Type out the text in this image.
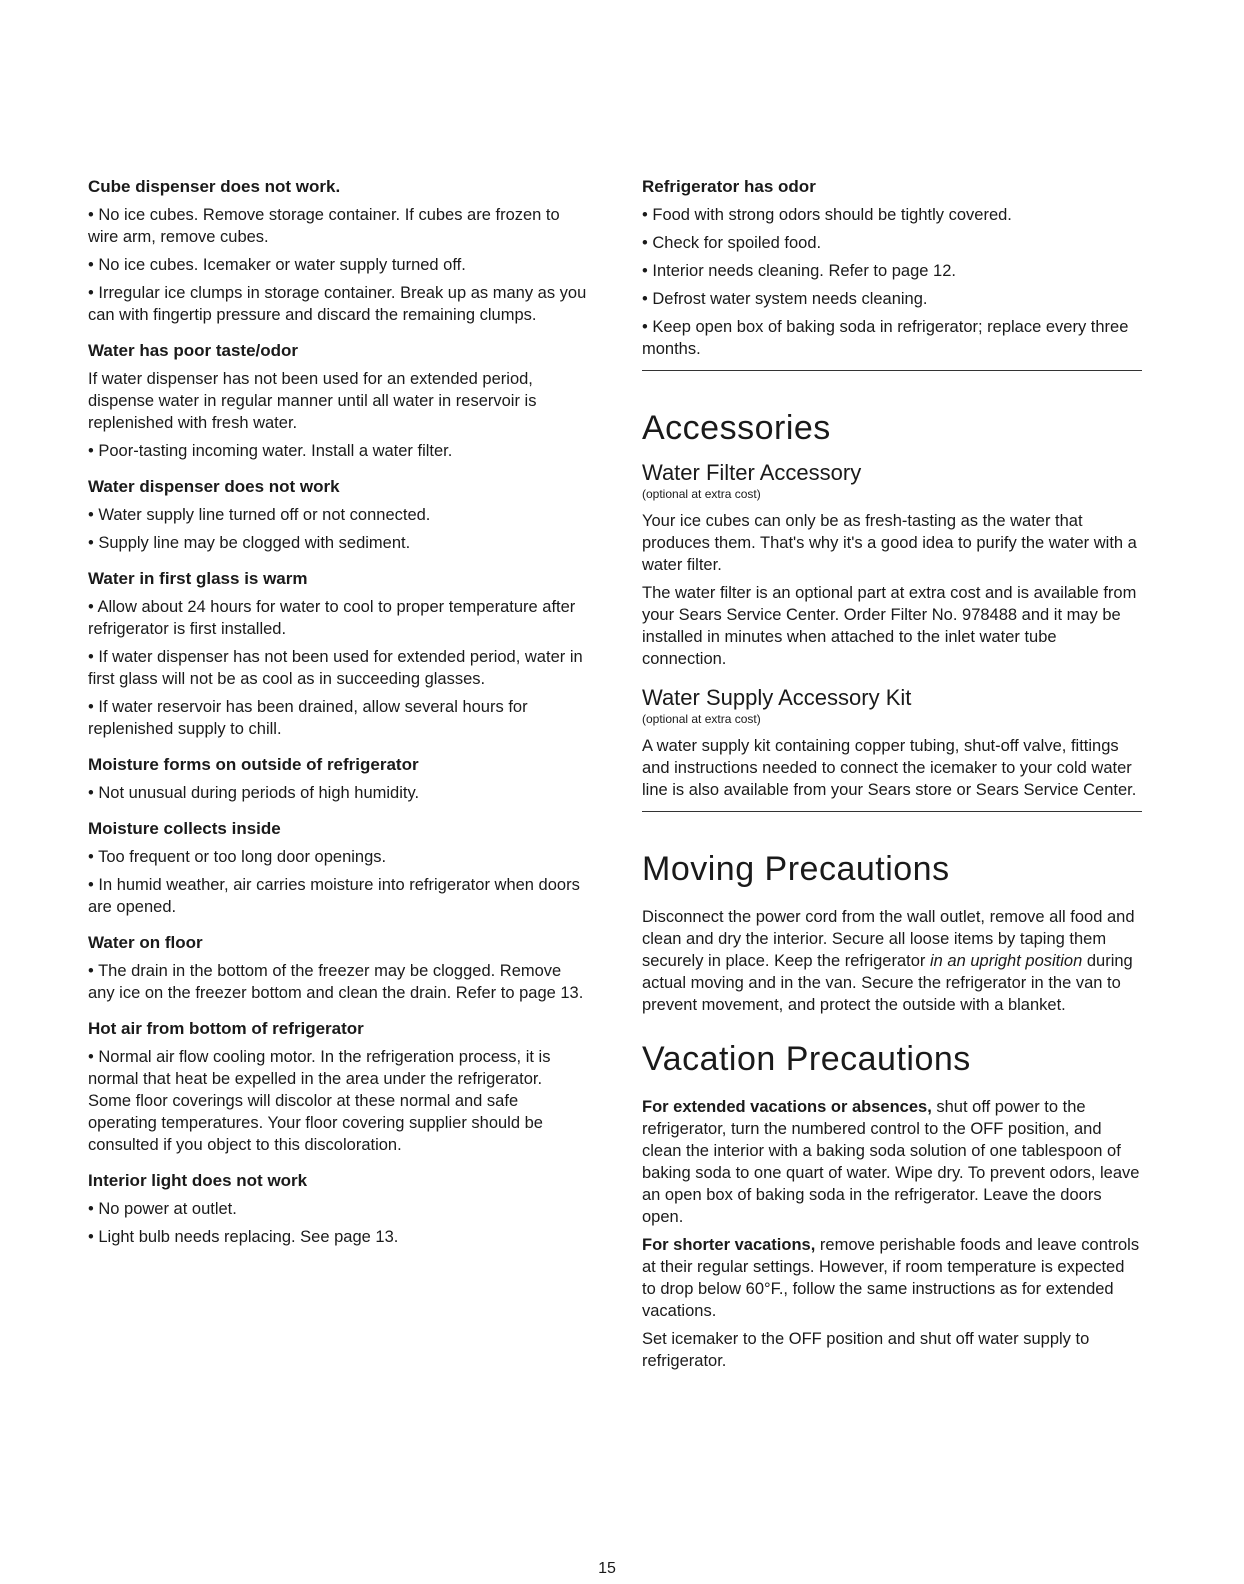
Cube dispenser does not work.

• No ice cubes. Remove storage container. If cubes are frozen to wire arm, remove cubes.

• No ice cubes. Icemaker or water supply turned off.

• Irregular ice clumps in storage container. Break up as many as you can with fingertip pressure and discard the remaining clumps.

Water has poor taste/odor

If water dispenser has not been used for an extended period, dispense water in regular manner until all water in reservoir is replenished with fresh water.

• Poor-tasting incoming water. Install a water filter.

Water dispenser does not work

• Water supply line turned off or not connected.

• Supply line may be clogged with sediment.

Water in first glass is warm

• Allow about 24 hours for water to cool to proper temperature after refrigerator is first installed.

• If water dispenser has not been used for extended period, water in first glass will not be as cool as in succeeding glasses.

• If water reservoir has been drained, allow several hours for replenished supply to chill.

Moisture forms on outside of refrigerator

• Not unusual during periods of high humidity.

Moisture collects inside

• Too frequent or too long door openings.

• In humid weather, air carries moisture into refrigerator when doors are opened.

Water on floor

• The drain in the bottom of the freezer may be clogged. Remove any ice on the freezer bottom and clean the drain. Refer to page 13.

Hot air from bottom of refrigerator

• Normal air flow cooling motor. In the refrigeration process, it is normal that heat be expelled in the area under the refrigerator. Some floor coverings will discolor at these normal and safe operating temperatures. Your floor covering supplier should be consulted if you object to this discoloration.

Interior light does not work

• No power at outlet.

• Light bulb needs replacing. See page 13.

Refrigerator has odor

• Food with strong odors should be tightly covered.

• Check for spoiled food.

• Interior needs cleaning. Refer to page 12.

• Defrost water system needs cleaning.

• Keep open box of baking soda in refrigerator; replace every three months.

Accessories
Water Filter Accessory

(optional at extra cost)

Your ice cubes can only be as fresh-tasting as the water that produces them. That's why it's a good idea to purify the water with a water filter.

The water filter is an optional part at extra cost and is available from your Sears Service Center. Order Filter No. 978488 and it may be installed in minutes when attached to the inlet water tube connection.

Water Supply Accessory Kit

(optional at extra cost)

A water supply kit containing copper tubing, shut-off valve, fittings and instructions needed to connect the icemaker to your cold water line is also available from your Sears store or Sears Service Center.

Moving Precautions

Disconnect the power cord from the wall outlet, remove all food and clean and dry the interior. Secure all loose items by taping them securely in place. Keep the refrigerator in an upright position during actual moving and in the van. Secure the refrigerator in the van to prevent movement, and protect the outside with a blanket.

Vacation Precautions

For extended vacations or absences, shut off power to the refrigerator, turn the numbered control to the OFF position, and clean the interior with a baking soda solution of one tablespoon of baking soda to one quart of water. Wipe dry. To prevent odors, leave an open box of baking soda in the refrigerator. Leave the doors open.

For shorter vacations, remove perishable foods and leave controls at their regular settings. However, if room temperature is expected to drop below 60°F., follow the same instructions as for extended vacations.

Set icemaker to the OFF position and shut off water supply to refrigerator.

15
